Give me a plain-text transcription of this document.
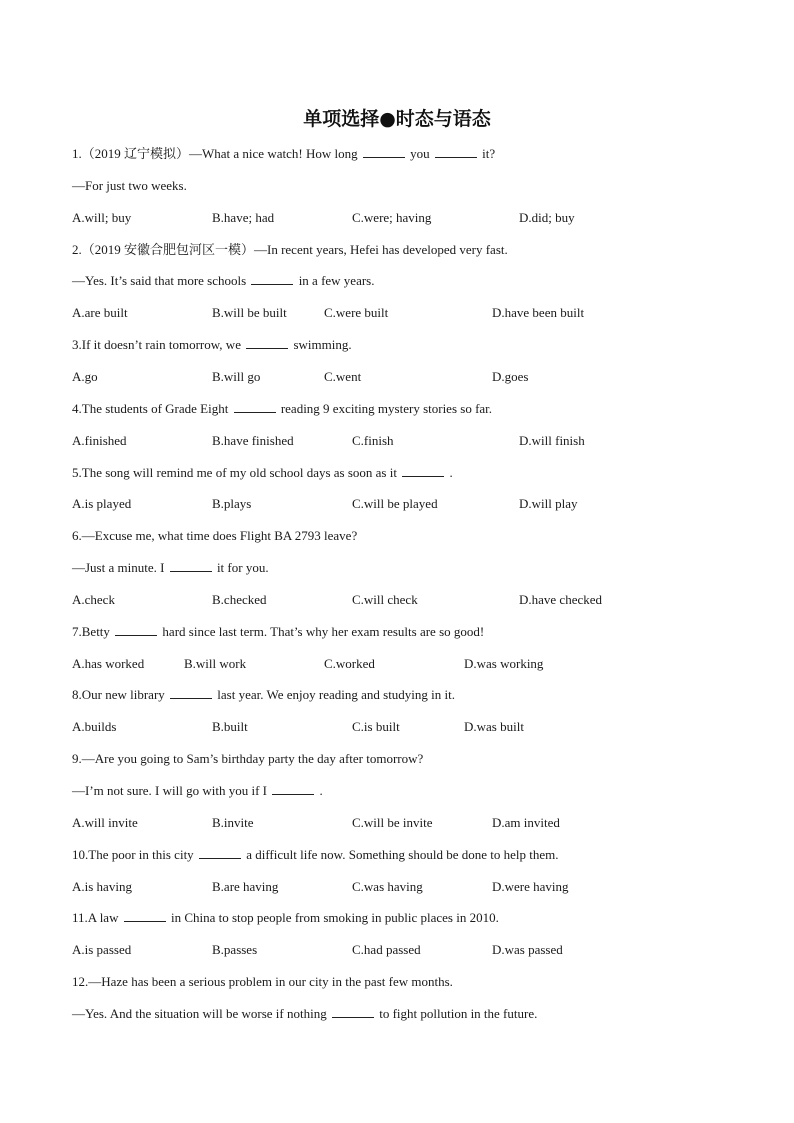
单项选择●时态与语态
1.（2019 辽宁模拟）—What a nice watch! How long	you	it?
—For just two weeks.
A.will; buy	B.have; had	C.were; having	D.did; buy
2.（2019 安徽合肥包河区一模）—In recent years, Hefei has developed very fast.
—Yes. It’s said that more schools	in a few years.
A.are built	B.will be built	C.were built	D.have been built
3.If it doesn’t rain tomorrow, we	swimming.
A.go	B.will go	C.went	D.goes
4.The students of Grade Eight	reading 9 exciting mystery stories so far.
A.finished	B.have finished	C.finish	D.will finish
5.The song will remind me of my old school days as soon as it	.
A.is played	B.plays	C.will be played	D.will play
6.—Excuse me, what time does Flight BA 2793 leave?
—Just a minute. I	it for you.
A.check	B.checked	C.will check	D.have checked
7.Betty	hard since last term. That’s why her exam results are so good!
A.has worked	B.will work	C.worked	D.was working
8.Our new library	last year. We enjoy reading and studying in it.
A.builds	B.built	C.is built	D.was built
9.—Are you going to Sam’s birthday party the day after tomorrow?
—I’m not sure. I will go with you if I	.
A.will invite	B.invite	C.will be invite	D.am invited
10.The poor in this city	a difficult life now. Something should be done to help them.
A.is having	B.are having	C.was having	D.were having
11.A law	in China to stop people from smoking in public places in 2010.
A.is passed	B.passes	C.had passed	D.was passed
12.—Haze has been a serious problem in our city in the past few months.
—Yes. And the situation will be worse if nothing	to fight pollution in the future.
